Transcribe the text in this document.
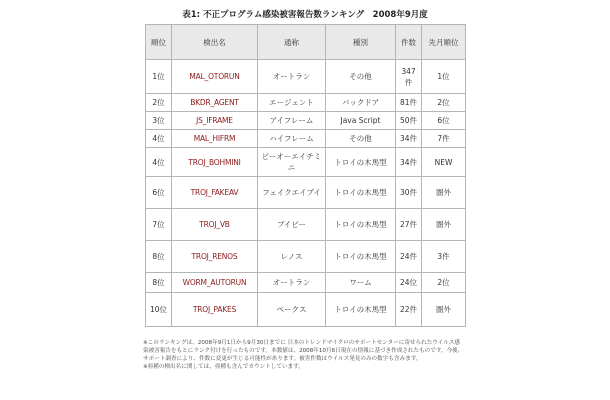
表1: 不正プログラム感染被害報告数ランキング　2008年9月度
順位	検出名	通称	種別	件数	先月順位
1位	MAL_OTORUN	オートラン	その他	347件	1位
2位	BKDR_AGENT	エージェント	バックドア	81件	2位
3位	JS_IFRAME	アイフレーム	Java Script	50件	6位
4位	MAL_HIFRM	ハイフレーム	その他	34件	7件
4位	TROJ_BOHMINI	ビーオーエイチミニ	トロイの木馬型	34件	NEW
6位	TROJ_FAKEAV	フェイクエイブイ	トロイの木馬型	30件	圏外
7位	TROJ_VB	ブイビー	トロイの木馬型	27件	圏外
8位	TROJ_RENOS	レノス	トロイの木馬型	24件	3件
8位	WORM_AUTORUN	オートラン	ワーム	24位	2位
10位	TROJ_PAKES	ペークス	トロイの木馬型	22件	圏外
※このランキングは、2008年9月1日から9月30日までに 日本のトレンドマイクロのサポートセンターに寄せられたウイルス感染被害報告をもとにランク付けを行ったものです。本数値は、2008年10月6日現在の情報に基づき作成されたものです。今後、サポート調査により、件数に変更が生じる可能性があります。被害件数はウイルス発見のみの数字も含みます。
※亜種の検出名に関しては、亜種も含んでカウントしています。
